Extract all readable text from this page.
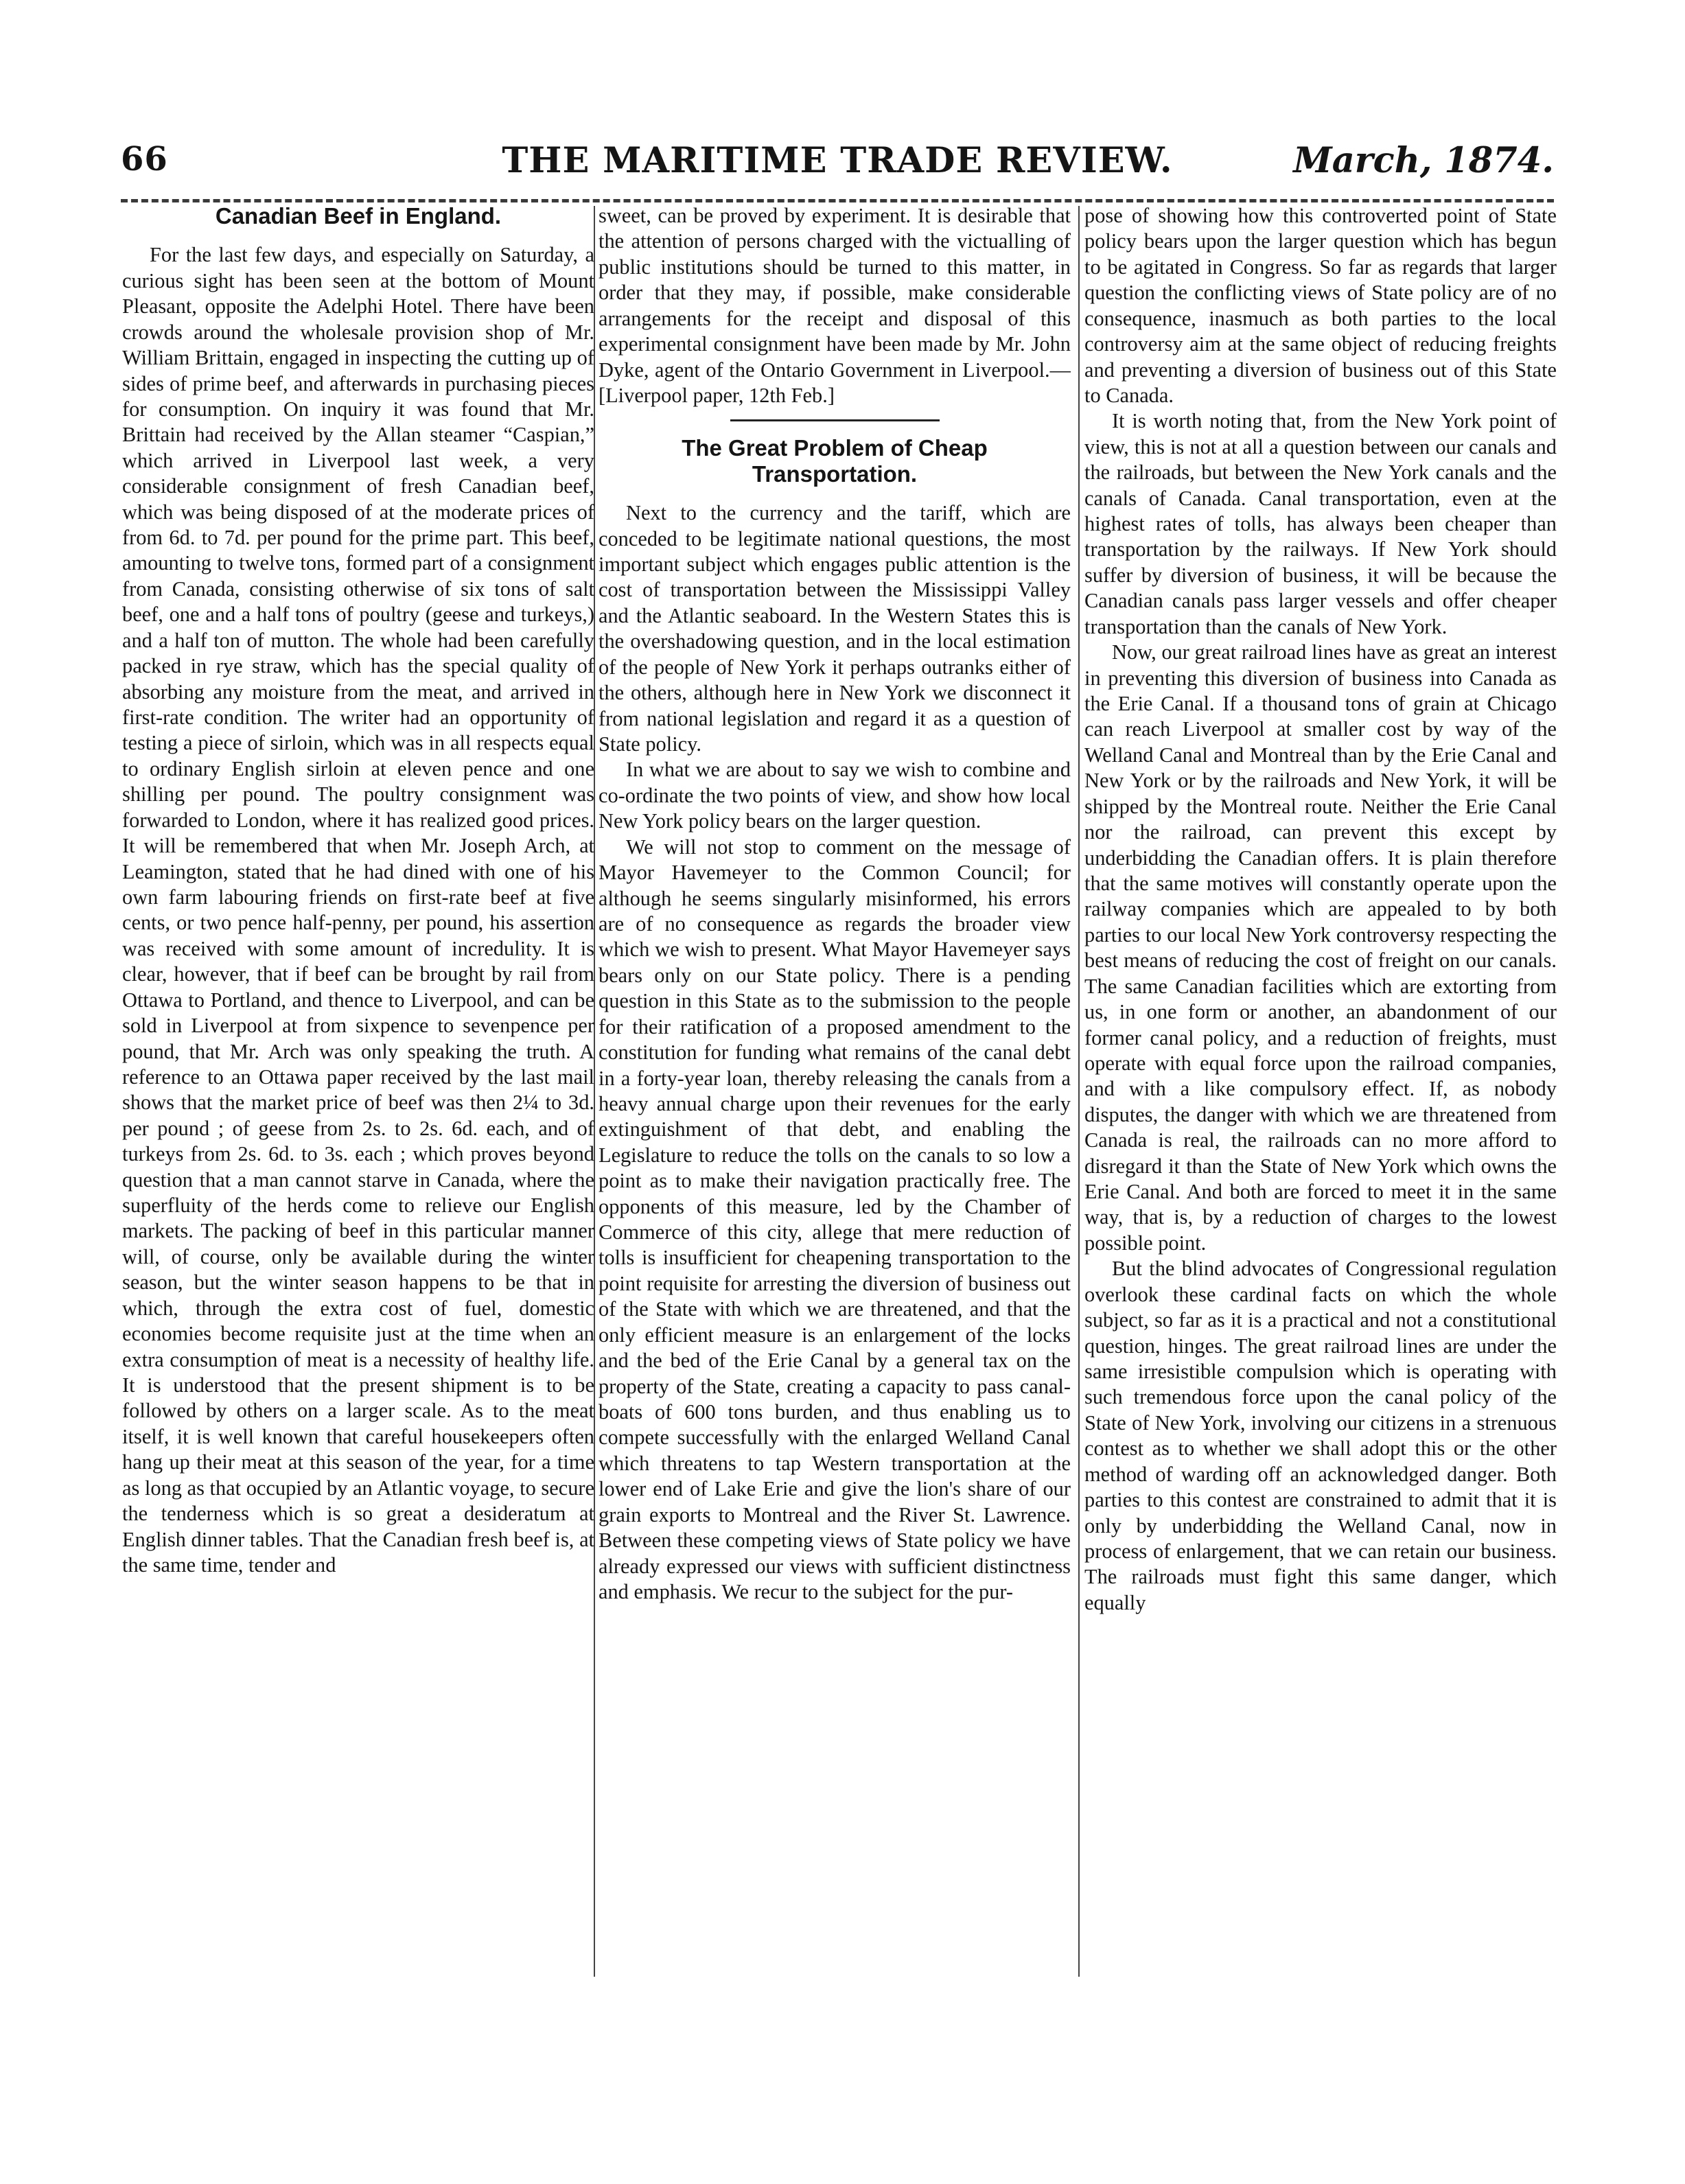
66	THE MARITIME TRADE REVIEW.	March, 1874.
Canadian Beef in England.

For the last few days, and especially on Saturday, a curious sight has been seen at the bottom of Mount Pleasant, opposite the Adelphi Hotel. There have been crowds around the wholesale provision shop of Mr. William Brittain, engaged in inspecting the cutting up of sides of prime beef, and afterwards in purchasing pieces for consumption. On inquiry it was found that Mr. Brittain had received by the Allan steamer “Caspian,” which arrived in Liverpool last week, a very considerable consignment of fresh Canadian beef, which was being disposed of at the moderate prices of from 6d. to 7d. per pound for the prime part. This beef, amounting to twelve tons, formed part of a consignment from Canada, consisting otherwise of six tons of salt beef, one and a half tons of poultry (geese and turkeys,) and a half ton of mutton. The whole had been carefully packed in rye straw, which has the special quality of absorbing any moisture from the meat, and arrived in first-rate condition. The writer had an opportunity of testing a piece of sirloin, which was in all respects equal to ordinary English sirloin at eleven pence and one shilling per pound. The poultry consignment was forwarded to London, where it has realized good prices. It will be remembered that when Mr. Joseph Arch, at Leamington, stated that he had dined with one of his own farm labouring friends on first-rate beef at five cents, or two pence half-penny, per pound, his assertion was received with some amount of incredulity. It is clear, however, that if beef can be brought by rail from Ottawa to Portland, and thence to Liverpool, and can be sold in Liverpool at from sixpence to sevenpence per pound, that Mr. Arch was only speaking the truth. A reference to an Ottawa paper received by the last mail shows that the market price of beef was then 2¼ to 3d. per pound ; of geese from 2s. to 2s. 6d. each, and of turkeys from 2s. 6d. to 3s. each ; which proves beyond question that a man cannot starve in Canada, where the superfluity of the herds come to relieve our English markets. The packing of beef in this particular manner will, of course, only be available during the winter season, but the winter season happens to be that in which, through the extra cost of fuel, domestic economies become requisite just at the time when an extra consumption of meat is a necessity of healthy life. It is understood that the present shipment is to be followed by others on a larger scale. As to the meat itself, it is well known that careful housekeepers often hang up their meat at this season of the year, for a time as long as that occupied by an Atlantic voyage, to secure the tenderness which is so great a desideratum at English dinner tables. That the Canadian fresh beef is, at the same time, tender and

sweet, can be proved by experiment. It is desirable that the attention of persons charged with the victualling of public institutions should be turned to this matter, in order that they may, if possible, make considerable arrangements for the receipt and disposal of this experimental consignment have been made by Mr. John Dyke, agent of the Ontario Government in Liverpool.—[Liverpool paper, 12th Feb.]

The Great Problem of Cheap Transportation.

Next to the currency and the tariff, which are conceded to be legitimate national questions, the most important subject which engages public attention is the cost of transportation between the Mississippi Valley and the Atlantic seaboard. In the Western States this is the overshadowing question, and in the local estimation of the people of New York it perhaps outranks either of the others, although here in New York we disconnect it from national legislation and regard it as a question of State policy.

In what we are about to say we wish to combine and co-ordinate the two points of view, and show how local New York policy bears on the larger question.

We will not stop to comment on the message of Mayor Havemeyer to the Common Council; for although he seems singularly misinformed, his errors are of no consequence as regards the broader view which we wish to present. What Mayor Havemeyer says bears only on our State policy. There is a pending question in this State as to the submission to the people for their ratification of a proposed amendment to the constitution for funding what remains of the canal debt in a forty-year loan, thereby releasing the canals from a heavy annual charge upon their revenues for the early extinguishment of that debt, and enabling the Legislature to reduce the tolls on the canals to so low a point as to make their navigation practically free. The opponents of this measure, led by the Chamber of Commerce of this city, allege that mere reduction of tolls is insufficient for cheapening transportation to the point requisite for arresting the diversion of business out of the State with which we are threatened, and that the only efficient measure is an enlargement of the locks and the bed of the Erie Canal by a general tax on the property of the State, creating a capacity to pass canal-boats of 600 tons burden, and thus enabling us to compete successfully with the enlarged Welland Canal which threatens to tap Western transportation at the lower end of Lake Erie and give the lion's share of our grain exports to Montreal and the River St. Lawrence. Between these competing views of State policy we have already expressed our views with sufficient distinctness and emphasis. We recur to the subject for the pur-

pose of showing how this controverted point of State policy bears upon the larger question which has begun to be agitated in Congress. So far as regards that larger question the conflicting views of State policy are of no consequence, inasmuch as both parties to the local controversy aim at the same object of reducing freights and preventing a diversion of business out of this State to Canada.

It is worth noting that, from the New York point of view, this is not at all a question between our canals and the railroads, but between the New York canals and the canals of Canada. Canal transportation, even at the highest rates of tolls, has always been cheaper than transportation by the railways. If New York should suffer by diversion of business, it will be because the Canadian canals pass larger vessels and offer cheaper transportation than the canals of New York.

Now, our great railroad lines have as great an interest in preventing this diversion of business into Canada as the Erie Canal. If a thousand tons of grain at Chicago can reach Liverpool at smaller cost by way of the Welland Canal and Montreal than by the Erie Canal and New York or by the railroads and New York, it will be shipped by the Montreal route. Neither the Erie Canal nor the railroad, can prevent this except by underbidding the Canadian offers. It is plain therefore that the same motives will constantly operate upon the railway companies which are appealed to by both parties to our local New York controversy respecting the best means of reducing the cost of freight on our canals. The same Canadian facilities which are extorting from us, in one form or another, an abandonment of our former canal policy, and a reduction of freights, must operate with equal force upon the railroad companies, and with a like compulsory effect. If, as nobody disputes, the danger with which we are threatened from Canada is real, the railroads can no more afford to disregard it than the State of New York which owns the Erie Canal. And both are forced to meet it in the same way, that is, by a reduction of charges to the lowest possible point.

But the blind advocates of Congressional regulation overlook these cardinal facts on which the whole subject, so far as it is a practical and not a constitutional question, hinges. The great railroad lines are under the same irresistible compulsion which is operating with such tremendous force upon the canal policy of the State of New York, involving our citizens in a strenuous contest as to whether we shall adopt this or the other method of warding off an acknowledged danger. Both parties to this contest are constrained to admit that it is only by underbidding the Welland Canal, now in process of enlargement, that we can retain our business. The railroads must fight this same danger, which equally
